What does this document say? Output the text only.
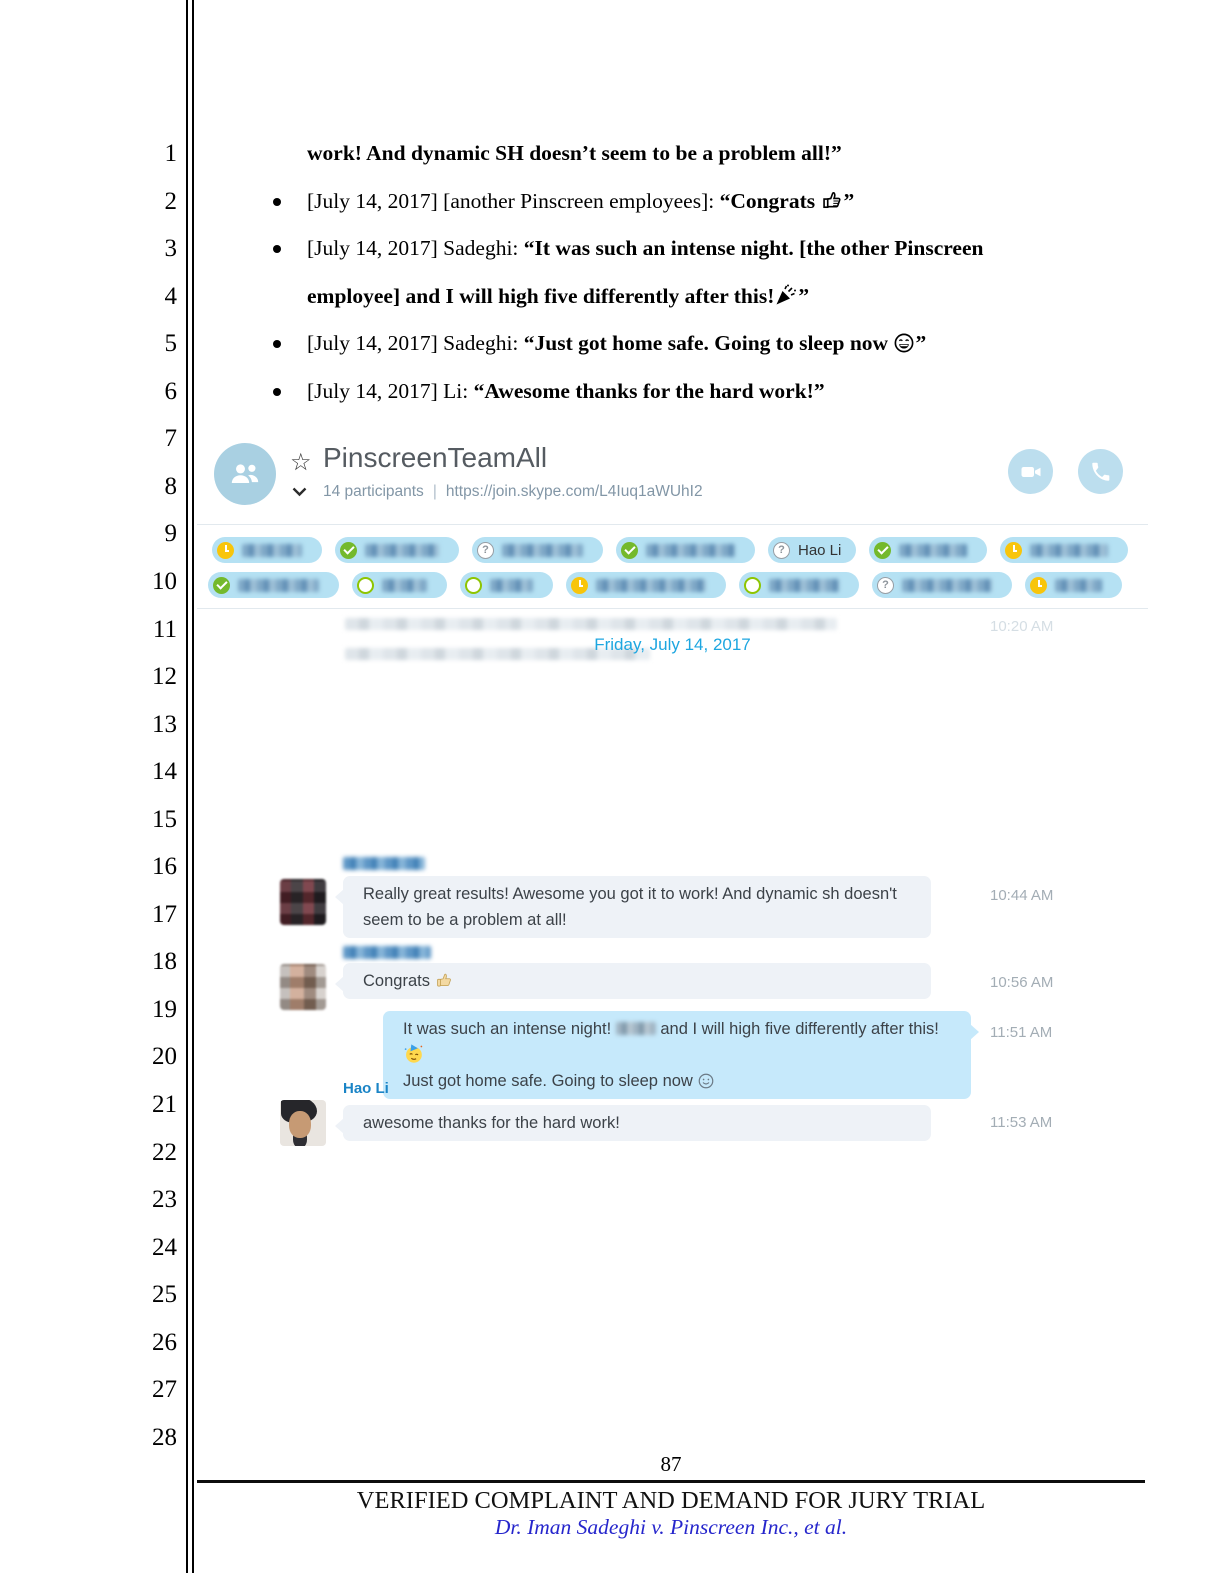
1
2
3
4
5
6
7
8
9
10
11
12
13
14
15
16
17
18
19
20
21
22
23
24
25
26
27
28

work! And dynamic SH doesn’t seem to be a problem all!”

[July 14, 2017] [another Pinscreen employees]: “Congrats ”
[July 14, 2017] Sadeghi: “It was such an intense night. [the other Pinscreen employee] and I will high five differently after this! ”
[July 14, 2017] Sadeghi: “Just got home safe. Going to sleep now ”
[July 14, 2017] Li: “Awesome thanks for the hard work!”
☆ PinscreenTeamAll
14 participants | https://join.skype.com/L4Iuq1aWUhI2
?	? Hao Li
?
10:20 AM
Friday, July 14, 2017
Really great results! Awesome you got it to work! And dynamic sh doesn't
seem to be a problem at all!
10:44 AM
Congrats	10:56 AM
It was such an intense night!  and I will high five differently after this!
Just got home safe. Going to sleep now
11:51 AM
Hao Li
awesome thanks for the hard work!	11:53 AM
87
VERIFIED COMPLAINT AND DEMAND FOR JURY TRIAL
Dr. Iman Sadeghi v. Pinscreen Inc., et al.
